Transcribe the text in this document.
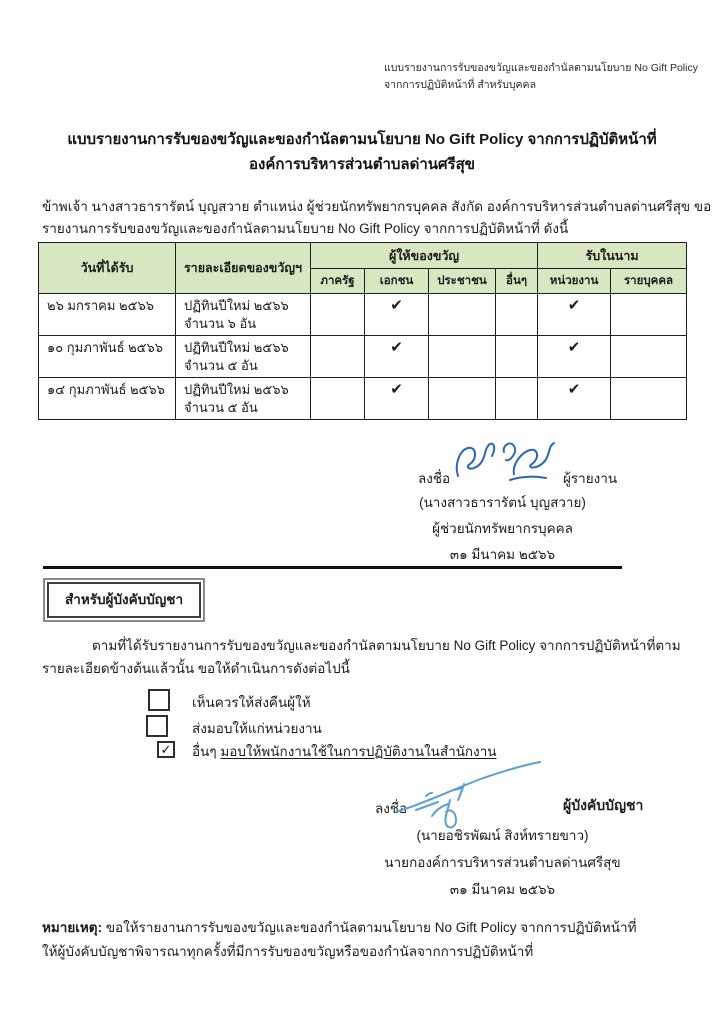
แบบรายงานการรับของขวัญและของกำนัลตามนโยบาย No Gift Policy
จากการปฏิบัติหน้าที่ สำหรับบุคคล
แบบรายงานการรับของขวัญและของกำนัลตามนโยบาย No Gift Policy จากการปฏิบัติหน้าที่
องค์การบริหารส่วนตำบลด่านศรีสุข
ข้าพเจ้า นางสาวธารารัตน์ บุญสวาย ตำแหน่ง ผู้ช่วยนักทรัพยากรบุคคล สังกัด องค์การบริหารส่วนตำบลด่านศรีสุข ขอ
รายงานการรับของขวัญและของกำนัลตามนโยบาย No Gift Policy จากการปฏิบัติหน้าที่ ดังนี้
วันที่ได้รับ	รายละเอียดของขวัญฯ	ผู้ให้ของขวัญ				รับในนาม	
		ภาครัฐ	เอกชน	ประชาชน	อื่นๆ	หน่วยงาน	รายบุคคล
๒๖ มกราคม ๒๕๖๖	ปฏิทินปีใหม่ ๒๕๖๖
จำนวน ๖ อัน		✔			✔	
๑๐ กุมภาพันธ์ ๒๕๖๖	ปฏิทินปีใหม่ ๒๕๖๖
จำนวน ๕ อัน		✔			✔	
๑๔ กุมภาพันธ์ ๒๕๖๖	ปฏิทินปีใหม่ ๒๕๖๖
จำนวน ๕ อัน		✔			✔	
ลงชื่อ	ผู้รายงาน
(นางสาวธารารัตน์ บุญสวาย)
ผู้ช่วยนักทรัพยากรบุคคล
๓๑ มีนาคม ๒๕๖๖
สำหรับผู้บังคับบัญชา
ตามที่ได้รับรายงานการรับของขวัญและของกำนัลตามนโยบาย No Gift Policy จากการปฏิบัติหน้าที่ตาม
รายละเอียดข้างต้นแล้วนั้น ขอให้ดำเนินการดังต่อไปนี้
เห็นควรให้ส่งคืนผู้ให้
ส่งมอบให้แก่หน่วยงาน
✓ อื่นๆ มอบให้พนักงานใช้ในการปฏิบัติงานในสำนักงาน
ลงชื่อ	ผู้บังคับบัญชา
(นายอชิรพัฒน์ สิงห์ทรายขาว)
นายกองค์การบริหารส่วนตำบลด่านศรีสุข
๓๑ มีนาคม ๒๕๖๖
หมายเหตุ: ขอให้รายงานการรับของขวัญและของกำนัลตามนโยบาย No Gift Policy จากการปฏิบัติหน้าที่
ให้ผู้บังคับบัญชาพิจารณาทุกครั้งที่มีการรับของขวัญหรือของกำนัลจากการปฏิบัติหน้าที่
